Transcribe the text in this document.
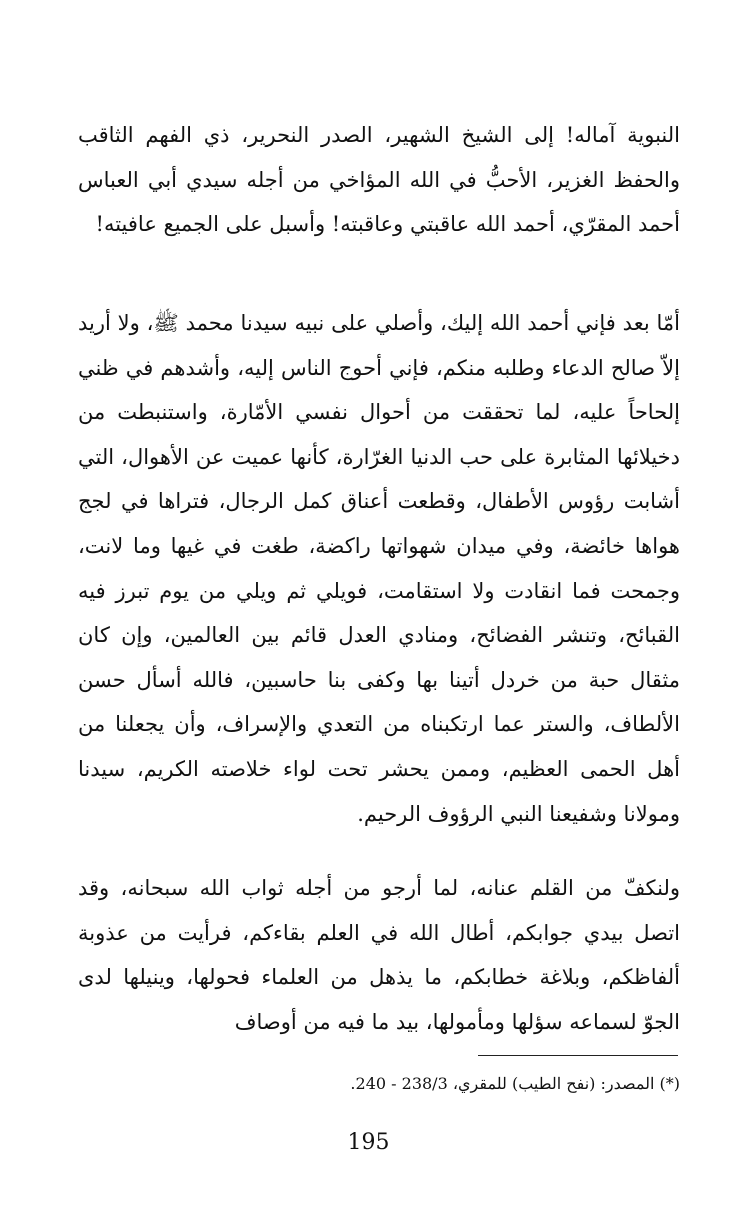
النبوية آماله! إلى الشيخ الشهير، الصدر النحرير، ذي الفهم الثاقب والحفظ الغزير، الأحبُّ في الله المؤاخي من أجله سيدي أبي العباس أحمد المقرّي، أحمد الله عاقبتي وعاقبته! وأسبل على الجميع عافيته!

أمّا بعد فإني أحمد الله إليك، وأصلي على نبيه سيدنا محمد ﷺ، ولا أريد إلاّ صالح الدعاء وطلبه منكم، فإني أحوج الناس إليه، وأشدهم في ظني إلحاحاً عليه، لما تحققت من أحوال نفسي الأمّارة، واستنبطت من دخيلائها المثابرة على حب الدنيا الغرّارة، كأنها عميت عن الأهوال، التي أشابت رؤوس الأطفال، وقطعت أعناق كمل الرجال، فتراها في لجج هواها خائضة، وفي ميدان شهواتها راكضة، طغت في غيها وما لانت، وجمحت فما انقادت ولا استقامت، فويلي ثم ويلي من يوم تبرز فيه القبائح، وتنشر الفضائح، ومنادي العدل قائم بين العالمين، وإن كان مثقال حبة من خردل أتينا بها وكفى بنا حاسبين، فالله أسأل حسن الألطاف، والستر عما ارتكبناه من التعدي والإسراف، وأن يجعلنا من أهل الحمى العظيم، وممن يحشر تحت لواء خلاصته الكريم، سيدنا ومولانا وشفيعنا النبي الرؤوف الرحيم.

ولنكفّ من القلم عنانه، لما أرجو من أجله ثواب الله سبحانه، وقد اتصل بيدي جوابكم، أطال الله في العلم بقاءكم، فرأيت من عذوبة ألفاظكم، وبلاغة خطابكم، ما يذهل من العلماء فحولها، وينيلها لدى الجوّ لسماعه سؤلها ومأمولها، بيد ما فيه من أوصاف

(*) المصدر: (نفح الطيب) للمقري، 238/3 - 240.

195
